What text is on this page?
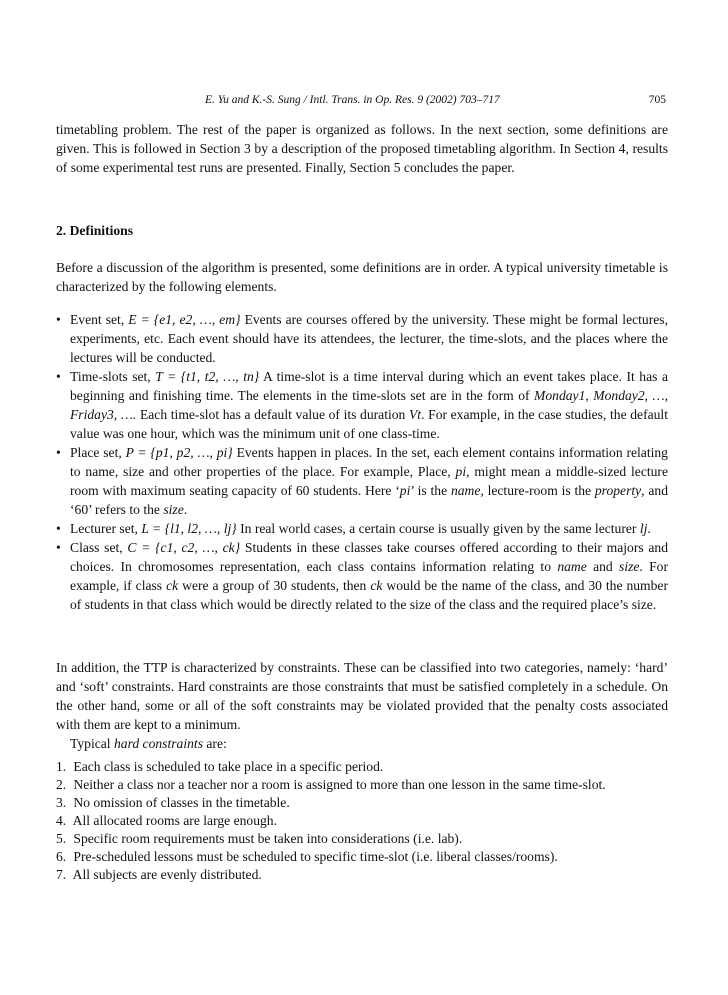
E. Yu and K.-S. Sung / Intl. Trans. in Op. Res. 9 (2002) 703–717	705

timetabling problem. The rest of the paper is organized as follows. In the next section, some definitions are given. This is followed in Section 3 by a description of the proposed timetabling algorithm. In Section 4, results of some experimental test runs are presented. Finally, Section 5 concludes the paper.

2. Definitions

Before a discussion of the algorithm is presented, some definitions are in order. A typical university timetable is characterized by the following elements.

• Event set, E = {e1, e2, …, em} Events are courses offered by the university. These might be formal lectures, experiments, etc. Each event should have its attendees, the lecturer, the time-slots, and the places where the lectures will be conducted.
• Time-slots set, T = {t1, t2, …, tn} A time-slot is a time interval during which an event takes place. It has a beginning and finishing time. The elements in the time-slots set are in the form of Monday1, Monday2, …, Friday3, …. Each time-slot has a default value of its duration Vt. For example, in the case studies, the default value was one hour, which was the minimum unit of one class-time.
• Place set, P = {p1, p2, …, pi} Events happen in places. In the set, each element contains information relating to name, size and other properties of the place. For example, Place, pi, might mean a middle-sized lecture room with maximum seating capacity of 60 students. Here ‘pi’ is the name, lecture-room is the property, and ‘60’ refers to the size.
• Lecturer set, L = {l1, l2, …, lj} In real world cases, a certain course is usually given by the same lecturer lj.
• Class set, C = {c1, c2, …, ck} Students in these classes take courses offered according to their majors and choices. In chromosomes representation, each class contains information relating to name and size. For example, if class ck were a group of 30 students, then ck would be the name of the class, and 30 the number of students in that class which would be directly related to the size of the class and the required place’s size.

In addition, the TTP is characterized by constraints. These can be classified into two categories, namely: ‘hard’ and ‘soft’ constraints. Hard constraints are those constraints that must be satisfied completely in a schedule. On the other hand, some or all of the soft constraints may be violated provided that the penalty costs associated with them are kept to a minimum.

Typical hard constraints are:

1. Each class is scheduled to take place in a specific period.
2. Neither a class nor a teacher nor a room is assigned to more than one lesson in the same time-slot.
3. No omission of classes in the timetable.
4. All allocated rooms are large enough.
5. Specific room requirements must be taken into considerations (i.e. lab).
6. Pre-scheduled lessons must be scheduled to specific time-slot (i.e. liberal classes/rooms).
7. All subjects are evenly distributed.
